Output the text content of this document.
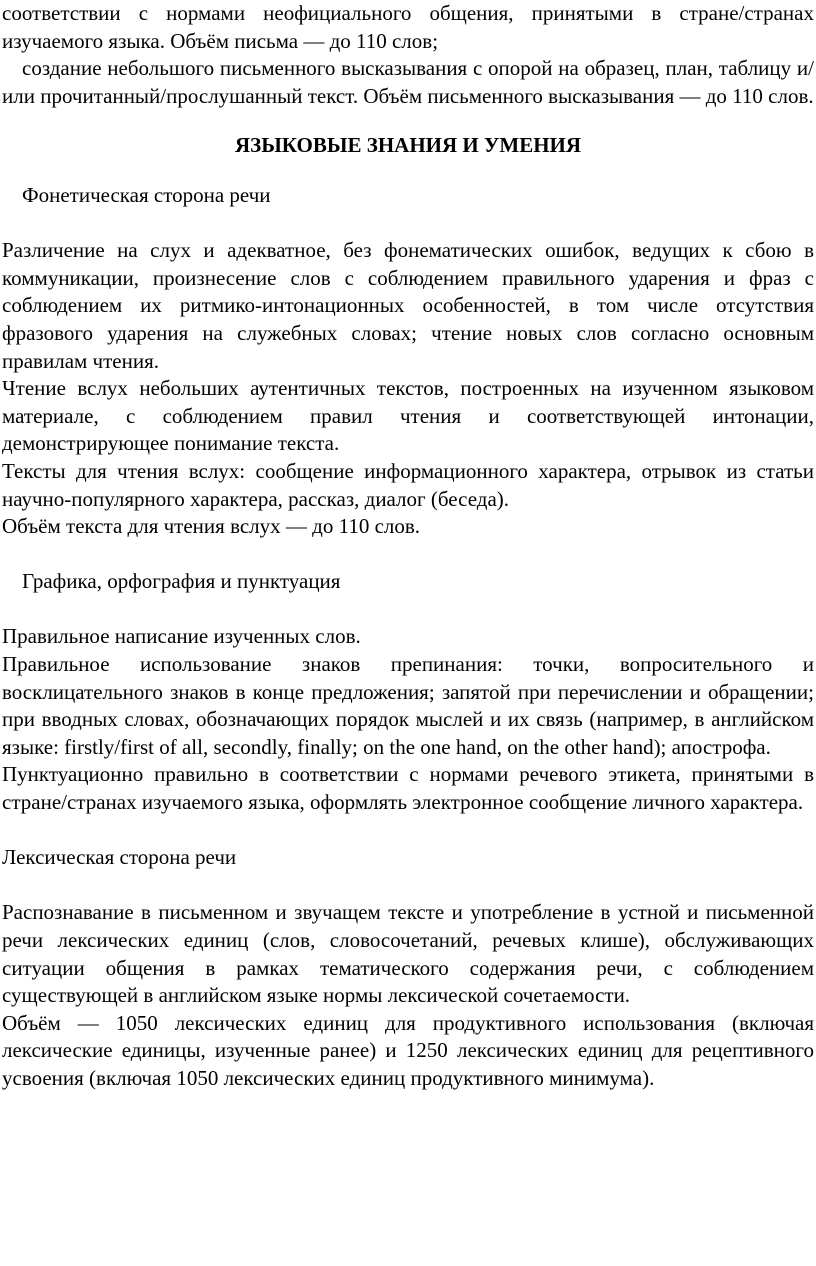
соответствии с нормами неофициального общения, принятыми в стране/странах изучаемого языка. Объём письма — до 110 слов;

создание небольшого письменного высказывания с опорой на образец, план, таблицу и/или прочитанный/прослушанный текст. Объём письменного высказывания — до 110 слов.

ЯЗЫКОВЫЕ ЗНАНИЯ И УМЕНИЯ

Фонетическая сторона речи

Различение на слух и адекватное, без фонематических ошибок, ведущих к сбою в коммуникации, произнесение слов с соблюдением правильного ударения и фраз с соблюдением их ритмико-интонационных особенностей, в том числе отсутствия фразового ударения на служебных словах; чтение новых слов согласно основным правилам чтения.

Чтение вслух небольших аутентичных текстов, построенных на изученном языковом материале, с соблюдением правил чтения и соответствующей интонации, демонстрирующее понимание текста.

Тексты для чтения вслух: сообщение информационного характера, отрывок из статьи научно-популярного характера, рассказ, диалог (беседа).

Объём текста для чтения вслух — до 110 слов.

Графика, орфография и пунктуация

Правильное написание изученных слов.

Правильное использование знаков препинания: точки, вопросительного и восклицательного знаков в конце предложения; запятой при перечислении и обращении; при вводных словах, обозначающих порядок мыслей и их связь (например, в английском языке: firstly/first of all, secondly, finally; on the one hand, on the other hand); апострофа.

Пунктуационно правильно в соответствии с нормами речевого этикета, принятыми в стране/странах изучаемого языка, оформлять электронное сообщение личного характера.

Лексическая сторона речи

Распознавание в письменном и звучащем тексте и употребление в устной и письменной речи лексических единиц (слов, словосочетаний, речевых клише), обслуживающих ситуации общения в рамках тематического содержания речи, с соблюдением существующей в английском языке нормы лексической сочетаемости.

Объём — 1050 лексических единиц для продуктивного использования (включая лексические единицы, изученные ранее) и 1250 лексических единиц для рецептивного усвоения (включая 1050 лексических единиц продуктивного минимума).
